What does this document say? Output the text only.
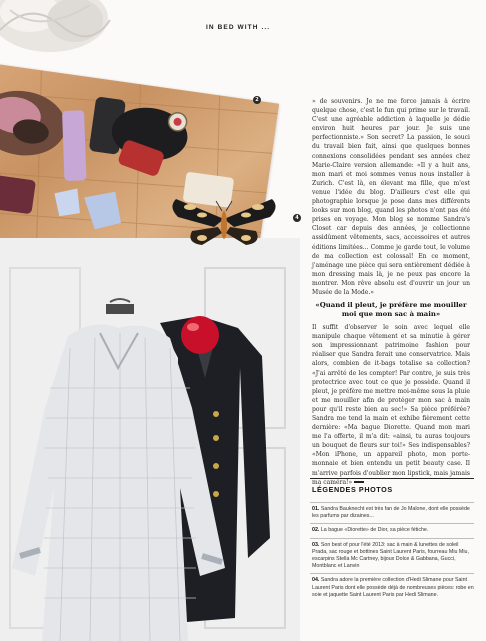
2
4
IN BED WITH ...

» de souvenirs. Je ne me force jamais à écrire quelque chose, c'est le fun qui prime sur le travail. C'est une agréable addiction à laquelle je dédie environ huit heures par jour. Je suis une perfectionniste.» Son secret? La passion, le souci du travail bien fait, ainsi que quelques bonnes connexions consolidées pendant ses années chez Marie-Claire version allemande: «Il y a huit ans, mon mari et moi sommes venus nous installer à Zurich. C'est là, en élevant ma fille, que m'est venue l'idée du blog. D'ailleurs c'est elle qui photographie lorsque je pose dans mes différents looks sur mon blog, quand les photos n'ont pas été prises en voyage. Mon blog se nomme Sandra's Closet car depuis des années, je collectionne assidûment vêtements, sacs, accessoires et autres éditions limitées... Comme je garde tout, le volume de ma collection est colossal! En ce moment, j'aménage une pièce qui sera entièrement dédiée à mon dressing mais là, je ne peux pas encore la montrer. Mon rêve absolu est d'ouvrir un jour un Musée de la Mode.»

«Quand il pleut, je préfère me mouiller moi que mon sac à main»

Il suffit d'observer le soin avec lequel elle manipule chaque vêtement et sa minutie à gérer son impressionnant patrimoine fashion pour réaliser que Sandra ferait une conservatrice. Mais alors, combien de it-bags totalise sa collection? «J'ai arrêté de les compter! Par contre, je suis très protectrice avec tout ce que je possède. Quand il pleut, je préfère me mettre moi-même sous la pluie et me mouiller afin de protéger mon sac à main pour qu'il reste bien au sec!» Sa pièce préférée? Sandra me tend la main et exhibe fièrement cette dernière: «Ma bague Diorette. Quand mon mari me l'a offerte, il m'a dit: «ainsi, tu auras toujours un bouquet de fleurs sur toi!» Ses indispensables? «Mon iPhone, un appareil photo, mon porte-monnaie et bien entendu un petit beauty case. Il m'arrive parfois d'oublier mon lipstick, mais jamais ma caméra!»

LÉGENDES PHOTOS
01. Sandra Bauknecht est très fan de Jo Malone, dont elle possède les parfums par dizaines...
02. La bague «Diorette» de Dior, sa pièce fétiche.
03. Son best of pour l'été 2013: sac à main & lunettes de soleil Prada, sac rouge et bottines Saint Laurent Paris, fourreau Miu Miu, escarpins Stella Mc Cartney, bijoux Dolce & Gabbana, Gucci, Montblanc et Lanvin
04. Sandra adore la première collection d'Hedi Slimane pour Saint Laurent Paris dont elle possède déjà de nombreuses pièces: robe en soie et jaquette Saint Laurent Paris par Hedi Slimane.
